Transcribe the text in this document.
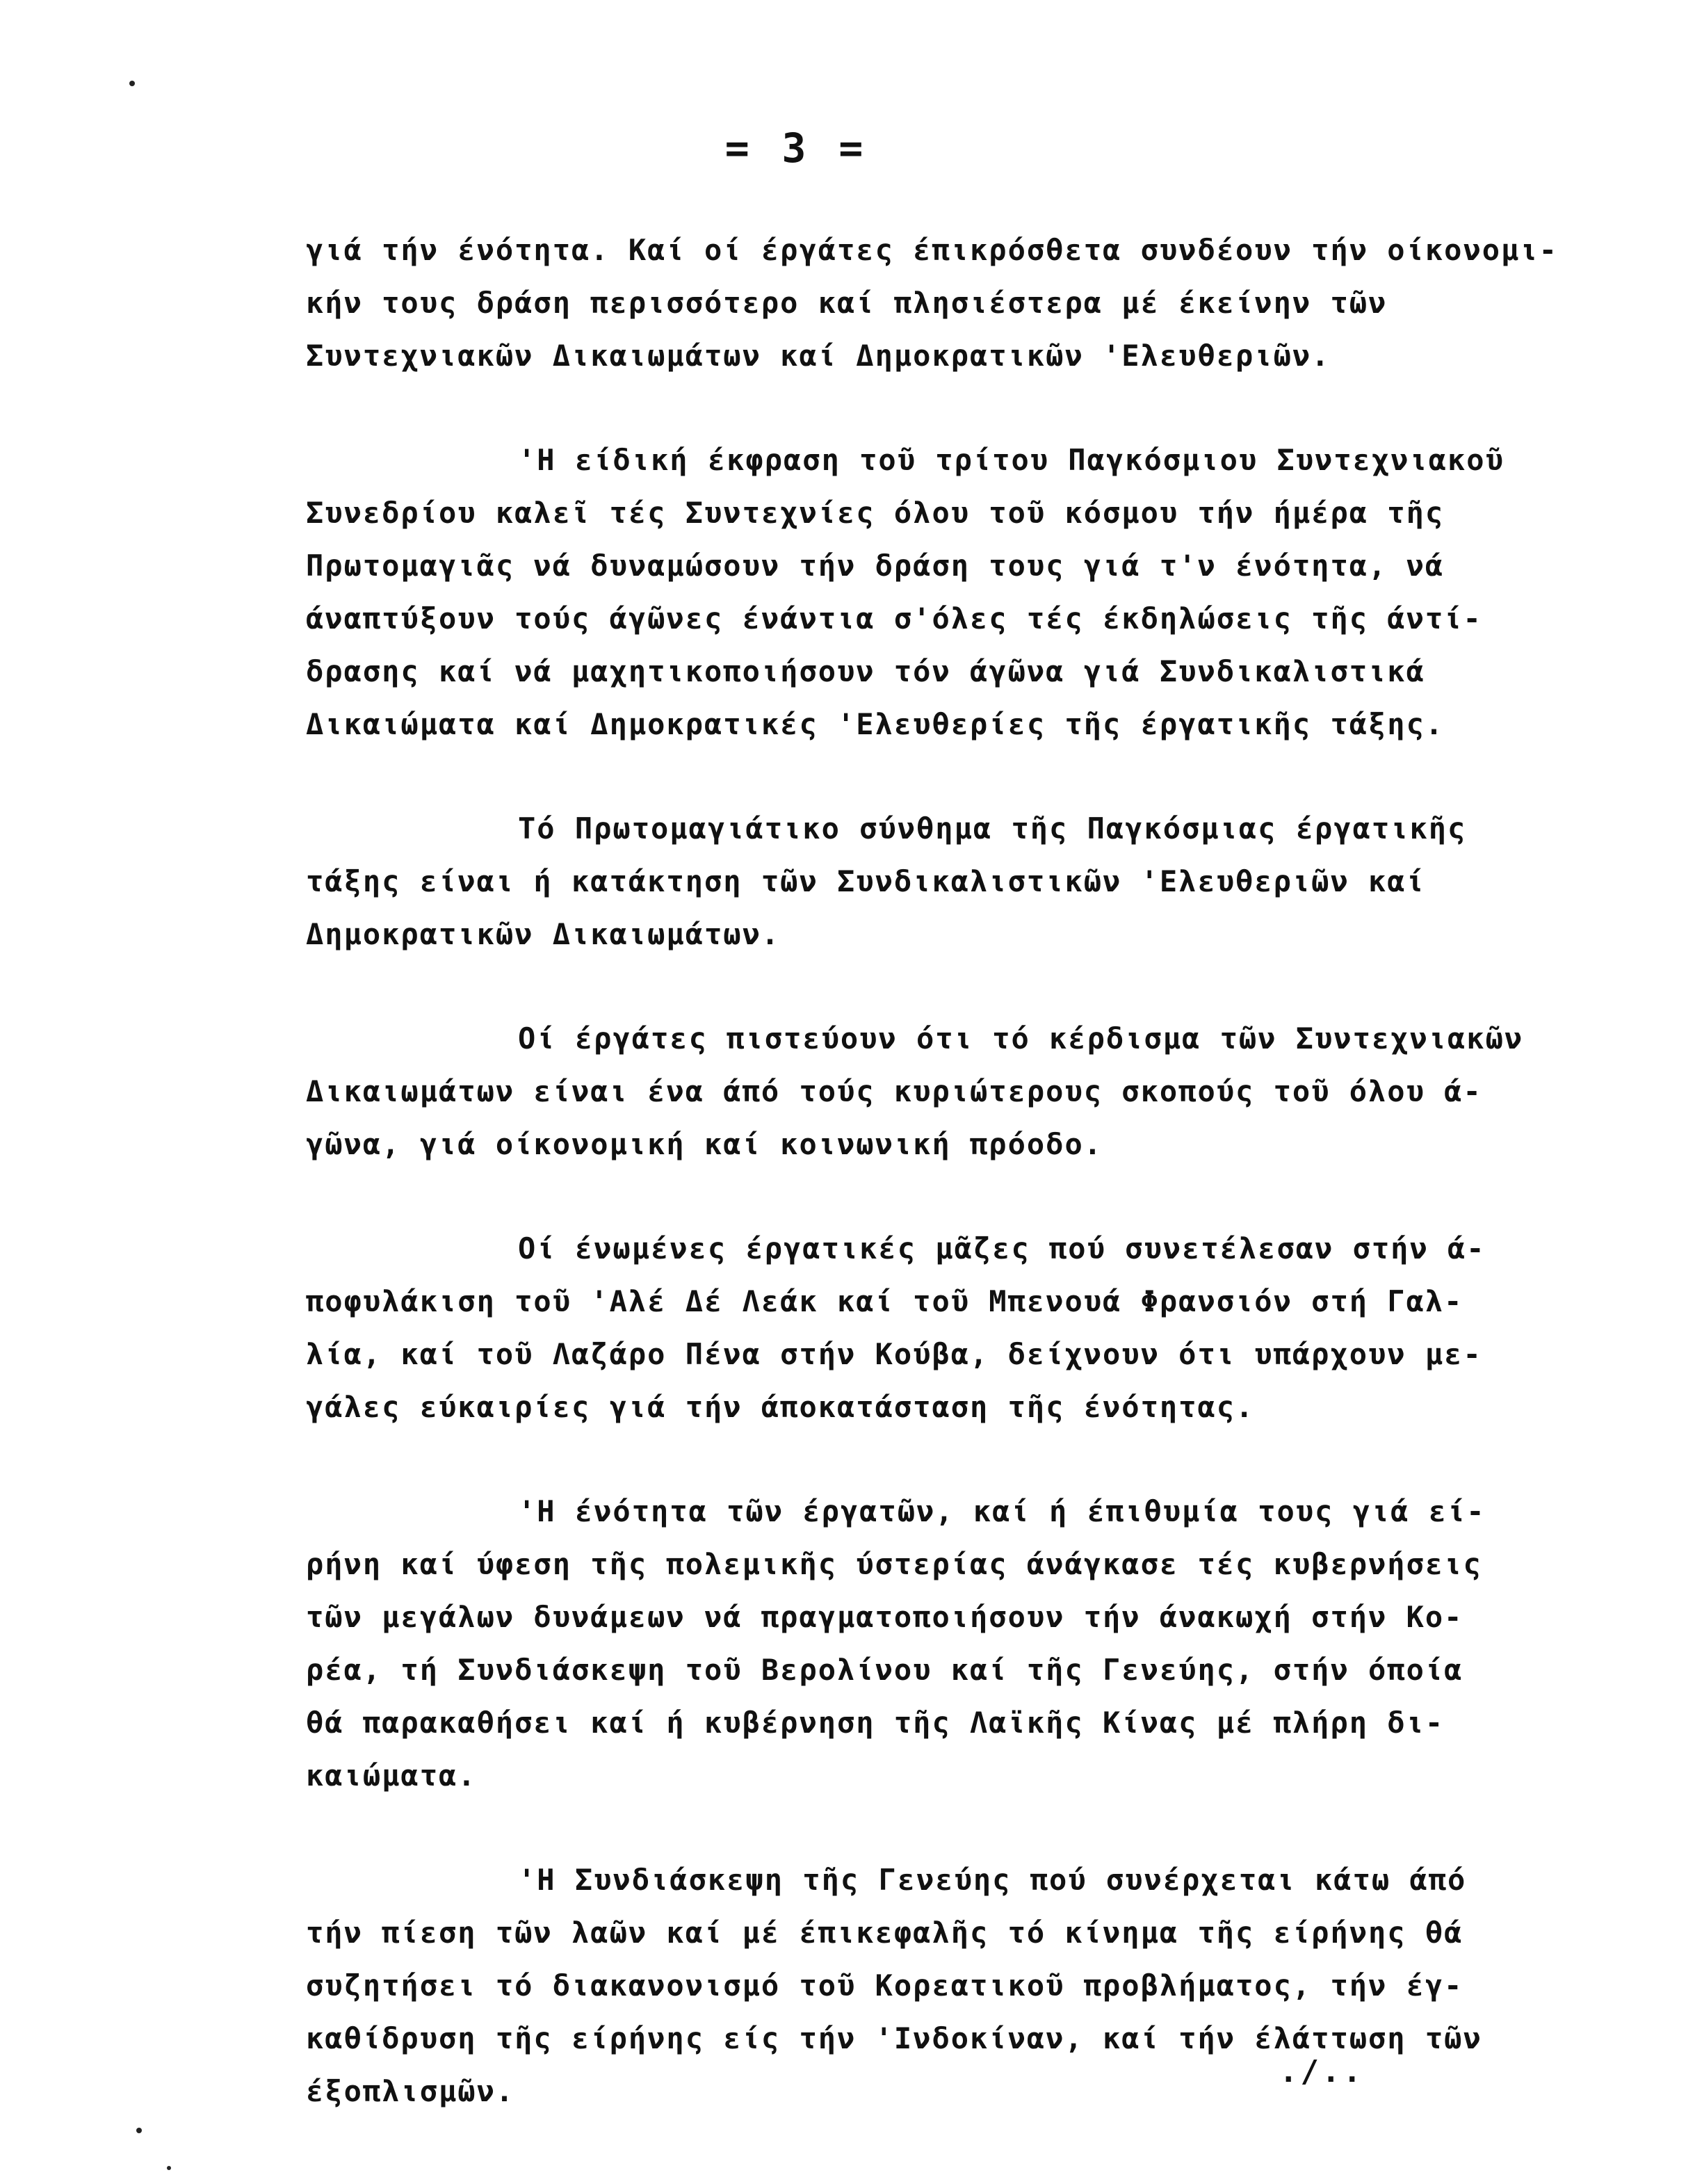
= 3 =
γιά τήν ένότητα. Καί οί έργάτες έπικρόσθετα συνδέουν τήν οίκονομι-
κήν τους δράση περισσότερο καί πλησιέστερα μέ έκείνην τῶν
Συντεχνιακῶν Δικαιωμάτων καί Δημοκρατικῶν 'Ελευθεριῶν.
'Η είδική έκφραση τοῦ τρίτου Παγκόσμιου Συντεχνιακοῦ
Συνεδρίου καλεῖ τές Συντεχνίες όλου τοῦ κόσμου τήν ήμέρα τῆς
Πρωτομαγιᾶς νά δυναμώσουν τήν δράση τους γιά τ'ν ένότητα, νά
άναπτύξουν τούς άγῶνες ένάντια σ'όλες τές έκδηλώσεις τῆς άντί-
δρασης καί νά μαχητικοποιήσουν τόν άγῶνα γιά Συνδικαλιστικά
Δικαιώματα καί Δημοκρατικές 'Ελευθερίες τῆς έργατικῆς τάξης.
Τό Πρωτομαγιάτικο σύνθημα τῆς Παγκόσμιας έργατικῆς
τάξης είναι ή κατάκτηση τῶν Συνδικαλιστικῶν 'Ελευθεριῶν καί
Δημοκρατικῶν Δικαιωμάτων.
Οί έργάτες πιστεύουν ότι τό κέρδισμα τῶν Συντεχνιακῶν
Δικαιωμάτων είναι ένα άπό τούς κυριώτερους σκοπούς τοῦ όλου ά-
γῶνα, γιά οίκονομική καί κοινωνική πρόοδο.
Οί ένωμένες έργατικές μᾶζες πού συνετέλεσαν στήν ά-
ποφυλάκιση τοῦ 'Αλέ Δέ Λεάκ καί τοῦ Μπενουά Φρανσιόν στή Γαλ-
λία, καί τοῦ Λαζάρο Πένα στήν Κούβα, δείχνουν ότι υπάρχουν με-
γάλες εύκαιρίες γιά τήν άποκατάσταση τῆς ένότητας.
'Η ένότητα τῶν έργατῶν, καί ή έπιθυμία τους γιά εί-
ρήνη καί ύφεση τῆς πολεμικῆς ύστερίας άνάγκασε τές κυβερνήσεις
τῶν μεγάλων δυνάμεων νά πραγματοποιήσουν τήν άνακωχή στήν Κο-
ρέα, τή Συνδιάσκεψη τοῦ Βερολίνου καί τῆς Γενεύης, στήν όποία
θά παρακαθήσει καί ή κυβέρνηση τῆς Λαϊκῆς Κίνας μέ πλήρη δι-
καιώματα.
'Η Συνδιάσκεψη τῆς Γενεύης πού συνέρχεται κάτω άπό
τήν πίεση τῶν λαῶν καί μέ έπικεφαλῆς τό κίνημα τῆς είρήνης θά
συζητήσει τό διακανονισμό τοῦ Κορεατικοῦ προβλήματος, τήν έγ-
καθίδρυση τῆς είρήνης είς τήν 'Ινδοκίναν, καί τήν έλάττωση τῶν
έξοπλισμῶν.
./..
